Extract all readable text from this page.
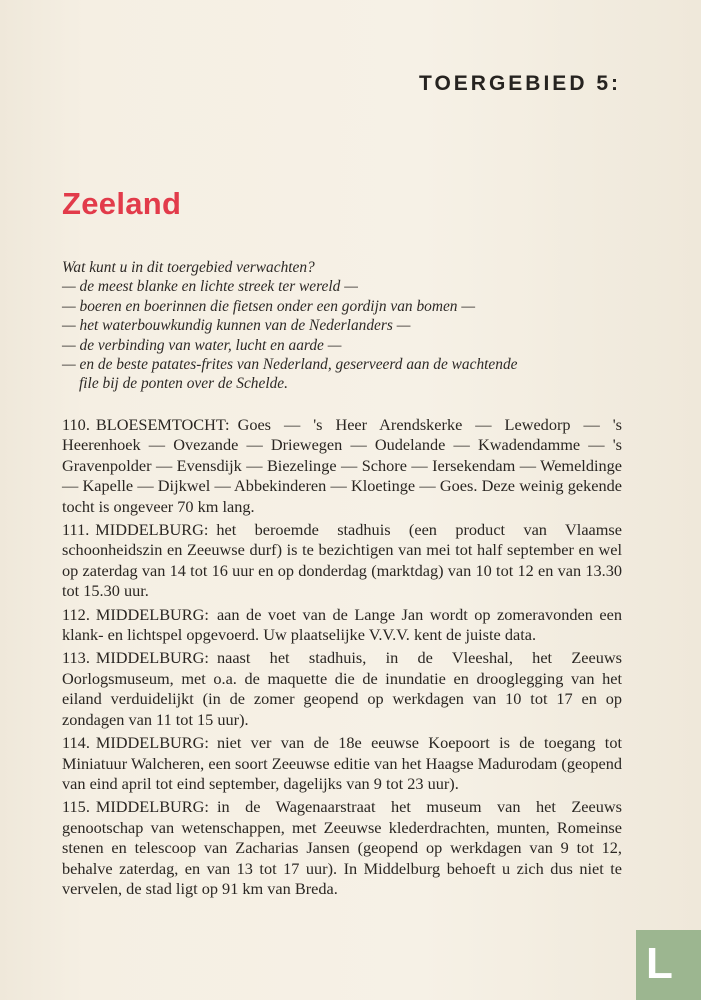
TOERGEBIED 5:
Zeeland
Wat kunt u in dit toergebied verwachten?
— de meest blanke en lichte streek ter wereld —
— boeren en boerinnen die fietsen onder een gordijn van bomen —
— het waterbouwkundig kunnen van de Nederlanders —
— de verbinding van water, lucht en aarde —
— en de beste patates-frites van Nederland, geserveerd aan de wachtende
file bij de ponten over de Schelde.
110. BLOESEMTOCHT: Goes — 's Heer Arendskerke — Lewedorp — 's Heerenhoek — Ovezande — Driewegen — Oudelande — Kwadendamme — 's Gravenpolder — Evensdijk — Biezelinge — Schore — Iersekendam — Wemeldinge — Kapelle — Dijkwel — Abbekinderen — Kloetinge — Goes. Deze weinig gekende tocht is ongeveer 70 km lang.
111. MIDDELBURG: het beroemde stadhuis (een product van Vlaamse schoonheidszin en Zeeuwse durf) is te bezichtigen van mei tot half september en wel op zaterdag van 14 tot 16 uur en op donderdag (marktdag) van 10 tot 12 en van 13.30 tot 15.30 uur.
112. MIDDELBURG: aan de voet van de Lange Jan wordt op zomeravonden een klank- en lichtspel opgevoerd. Uw plaatselijke V.V.V. kent de juiste data.
113. MIDDELBURG: naast het stadhuis, in de Vleeshal, het Zeeuws Oorlogsmuseum, met o.a. de maquette die de inundatie en drooglegging van het eiland verduidelijkt (in de zomer geopend op werkdagen van 10 tot 17 en op zondagen van 11 tot 15 uur).
114. MIDDELBURG: niet ver van de 18e eeuwse Koepoort is de toegang tot Miniatuur Walcheren, een soort Zeeuwse editie van het Haagse Madurodam (geopend van eind april tot eind september, dagelijks van 9 tot 23 uur).
115. MIDDELBURG: in de Wagenaarstraat het museum van het Zeeuws genootschap van wetenschappen, met Zeeuwse klederdrachten, munten, Romeinse stenen en telescoop van Zacharias Jansen (geopend op werkdagen van 9 tot 12, behalve zaterdag, en van 13 tot 17 uur). In Middelburg behoeft u zich dus niet te vervelen, de stad ligt op 91 km van Breda.
L
